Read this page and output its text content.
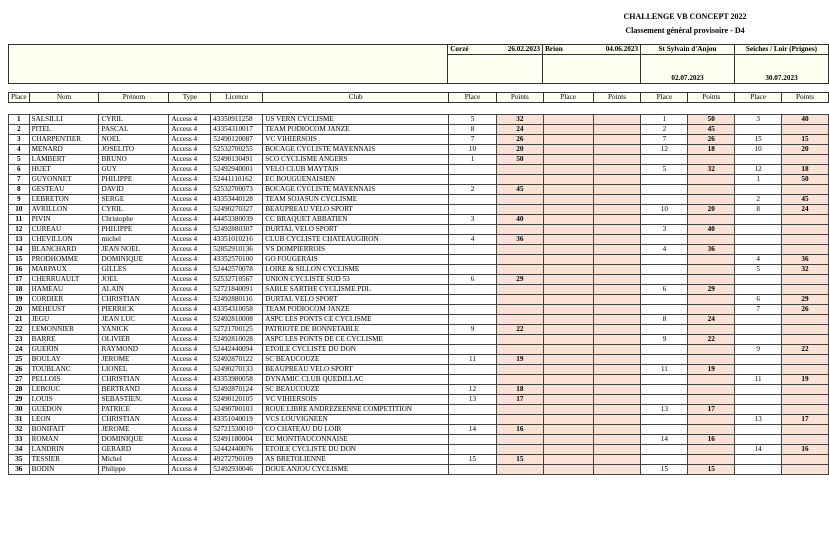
CHALLENGE VB CONCEPT 2022
Classement général provisoire - D4
	Corzé	26.02.2023	Brion	04.06.2023	St Sylvain d'Anjou	Seiches / Loir (Prignes)

					02.07.2023	30.07.2023
Place	Nom	Prénom	Type	Licence	Club	Place	Points	Place	Points	Place	Points	Place	Points

1	SALSILLI	CYRIL	Access 4	43350911258	US VERN CYCLISME	5	32			1	50	3	40
2	PITEL	PASCAL	Access 4	43354310017	TEAM PODIOCOM JANZE	8	24			2	45		
3	CHARPENTIER	NOEL	Access 4	52490120087	VC VIHIERSOIS	7	26			7	26	15	15
4	MENARD	JOSELITO	Access 4	52532700255	BOCAGE CYCLISTE MAYENNAIS	10	20			12	18	10	20
5	LAMBERT	BRUNO	Access 4	52490130491	SCO CYCLISME ANGERS	1	50						
6	HUET	GUY	Access 4	52492940001	VELO CLUB MAYTAIS					5	32	12	18
7	GUYONNET	PHILIPPE	Access 4	52441110162	EC BOUGUENAISIEN							1	50
8	GESTEAU	DAVID	Access 4	52532700073	BOCAGE CYCLISTE MAYENNAIS	2	45						
9	LEBRETON	SERGE	Access 4	43353440128	TEAM SOJASUN CYCLISME							2	45
10	AVRILLON	CYRIL	Access 4	52490270327	BEAUPREAU VELO SPORT					10	20	8	24
11	PIVIN	Christophe	Access 4	44453380039	CC BRAQUET ABBATIEN	3	40						
12	CUREAU	PHILIPPE	Access 4	52492880307	DURTAL VELO SPORT					3	40		
13	CHEVILLON	michel	Access 4	43351010216	CLUB CYCLISTE CHATEAUGIRON	4	36						
14	BLANCHARD	JEAN NOEL	Access 4	52852910136	VS DOMPIERROIS					4	36		
15	PRODHOMME	DOMINIQUE	Access 4	43352570100	GO FOUGERAIS							4	36
16	MARPAUX	GILLES	Access 4	52442570078	LOIRE & SILLON CYCLISME							5	32
17	CHERRUAULT	JOEL	Access 4	52532710567	UNION CYCLISTE SUD 53	6	29						
18	HAMEAU	ALAIN	Access 4	52721840091	SABLE SARTHE CYCLISME PDL					6	29		
19	CORDIER	CHRISTIAN	Access 4	52492880116	DURTAL VELO SPORT							6	29
20	MEHEUST	PIERRICK	Access 4	43354310058	TEAM PODIOCOM JANZE							7	26
21	JEGU	JEAN LUC	Access 4	52492810008	ASPC LES PONTS CE CYCLISME					8	24		
22	LEMONNIER	YANICK	Access 4	52721700125	PATRIOTE DE BONNETABLE	9	22						
23	BARRE	OLIVIER	Access 4	52492810028	ASPC LES PONTS DE CE CYCLISME					9	22		
24	GUERIN	RAYMOND	Access 4	52442440094	ETOILE CYCLISTE DU DON							9	22
25	BOULAY	JEROME	Access 4	52492870122	SC BEAUCOUZE	11	19						
26	TOUBLANC	LIONEL	Access 4	52490270133	BEAUPREAU VELO SPORT					11	19		
27	PELLOIS	CHRISTIAN	Access 4	43353980058	DYNAMIC CLUB QUEDILLAC							11	19
28	LEBOUC	BERTRAND	Access 4	52492870124	SC BEAUCOUZE	12	18						
29	LOUIS	SEBASTIEN.	Access 4	52490120105	VC VIHIERSOIS	13	17						
30	GUEDON	PATRICE	Access 4	52490780103	ROUE LIBRE ANDREZEENNE COMPETITION					13	17		
31	LEON	CHRISTIAN	Access 4	43351040019	VCS LOUVIGNEEN							13	17
32	BONIFAIT	JEROME	Access 4	52721530010	CO CHATEAU DU LOIR	14	16						
33	ROMAN	DOMINIQUE	Access 4	52491180004	EC MONTFAUCONNAISE					14	16		
34	LANDRIN	GERARD	Access 4	52442440076	ETOILE CYCLISTE DU DON							14	16
35	TESSIER	Michel	Access 4	49272790109	AS BRETOLIENNE	15	15						
36	BODIN	Philippe	Access 4	52492930046	DOUE ANJOU CYCLISME					15	15		
